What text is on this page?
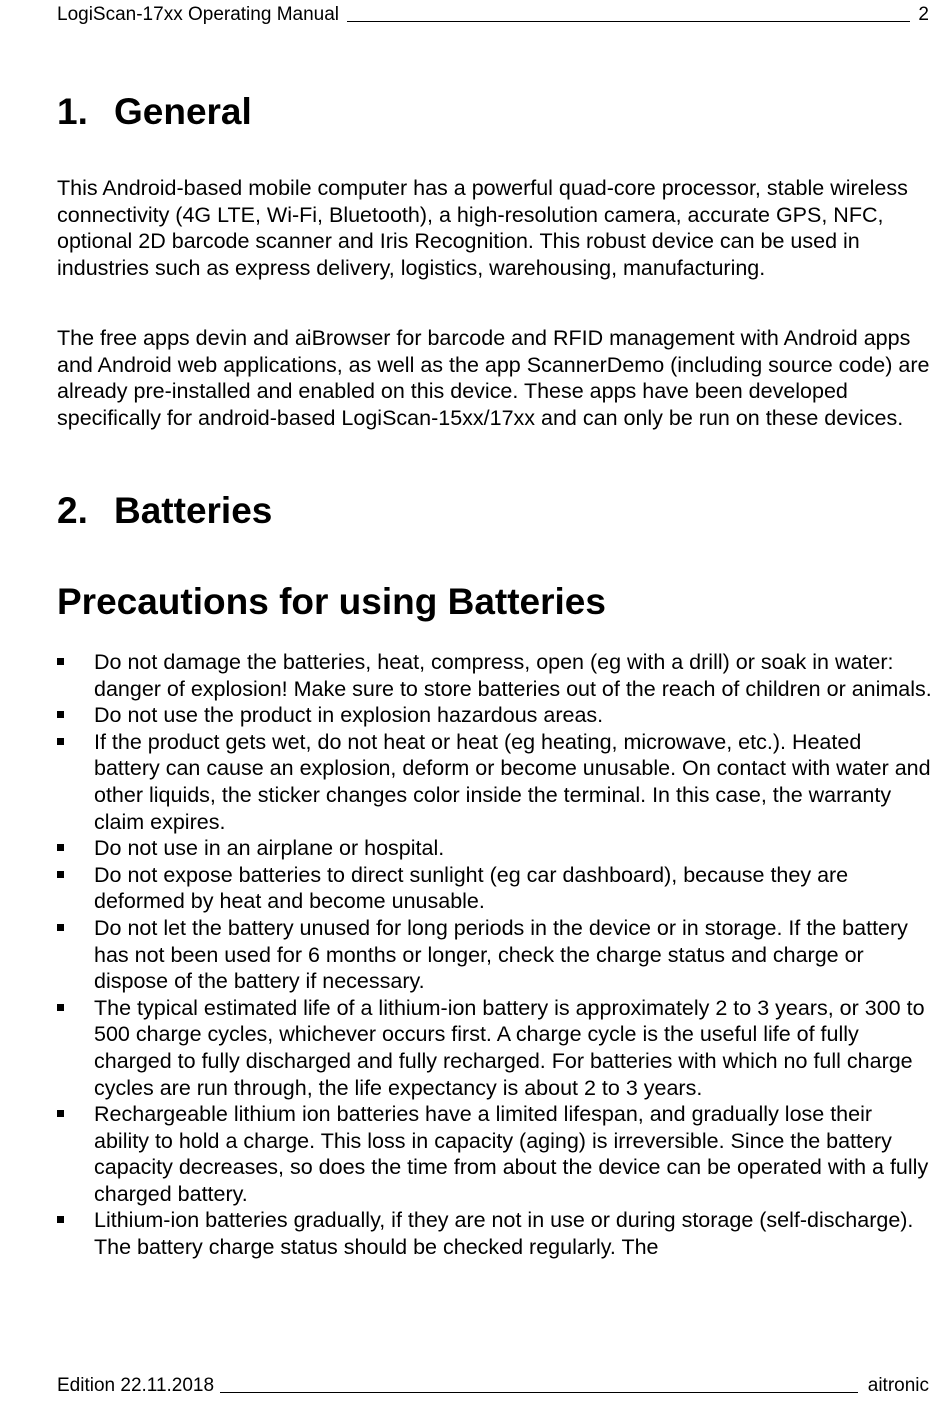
LogiScan-17xx Operating Manual	2
1. General

This Android-based mobile computer has a powerful quad-core processor, stable wireless connectivity (4G LTE, Wi-Fi, Bluetooth), a high-resolution camera, accurate GPS, NFC, optional 2D barcode scanner and Iris Recognition. This robust device can be used in industries such as express delivery, logistics, warehousing, manufacturing.

The free apps devin and aiBrowser for barcode and RFID management with Android apps and Android web applications, as well as the app ScannerDemo (including source code) are already pre-installed and enabled on this device. These apps have been developed specifically for android-based LogiScan-15xx/17xx and can only be run on these devices.

2. Batteries
Precautions for using Batteries
Do not damage the batteries, heat, compress, open (eg with a drill) or soak in water: danger of explosion! Make sure to store batteries out of the reach of children or animals.
Do not use the product in explosion hazardous areas.
If the product gets wet, do not heat or heat (eg heating, microwave, etc.). Heated battery can cause an explosion, deform or become unusable. On contact with water and other liquids, the sticker changes color inside the terminal. In this case, the warranty claim expires.
Do not use in an airplane or hospital.
Do not expose batteries to direct sunlight (eg car dashboard), because they are deformed by heat and become unusable.
Do not let the battery unused for long periods in the device or in storage. If the battery has not been used for 6 months or longer, check the charge status and charge or dispose of the battery if necessary.
The typical estimated life of a lithium-ion battery is approximately 2 to 3 years, or 300 to 500 charge cycles, whichever occurs first. A charge cycle is the useful life of fully charged to fully discharged and fully recharged. For batteries with which no full charge cycles are run through, the life expectancy is about 2 to 3 years.
Rechargeable lithium ion batteries have a limited lifespan, and gradually lose their ability to hold a charge. This loss in capacity (aging) is irreversible. Since the battery capacity decreases, so does the time from about the device can be operated with a fully charged battery.
Lithium-ion batteries gradually, if they are not in use or during storage (self-discharge). The battery charge status should be checked regularly. The
Edition 22.11.2018	aitronic
